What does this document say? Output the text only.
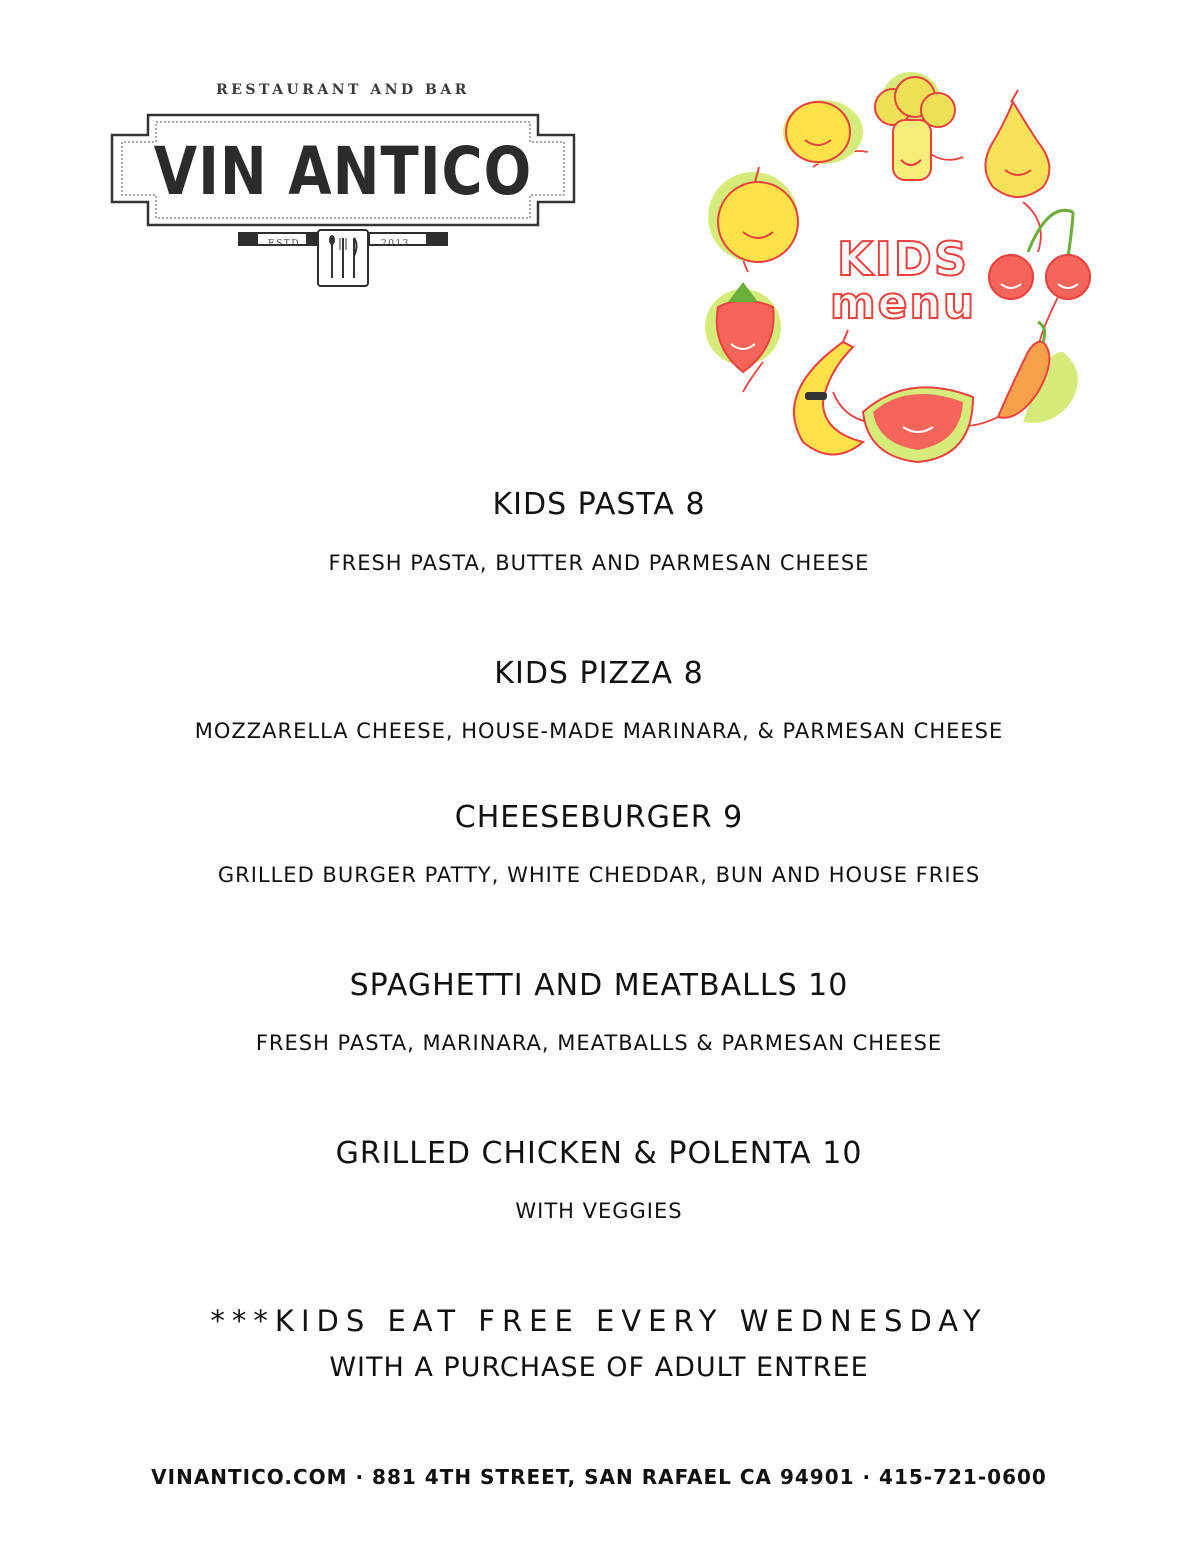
RESTAURANT AND BAR
VIN ANTICO
ESTD	2013	KIDS
menu
KIDS PASTA 8
FRESH PASTA, BUTTER AND PARMESAN CHEESE
KIDS PIZZA 8
MOZZARELLA CHEESE, HOUSE-MADE MARINARA, & PARMESAN CHEESE
CHEESEBURGER 9
GRILLED BURGER PATTY, WHITE CHEDDAR, BUN AND HOUSE FRIES
SPAGHETTI AND MEATBALLS 10
FRESH PASTA, MARINARA, MEATBALLS & PARMESAN CHEESE
GRILLED CHICKEN & POLENTA 10
WITH VEGGIES
***KIDS EAT FREE EVERY WEDNESDAY
WITH A PURCHASE OF ADULT ENTREE
VINANTICO.COM · 881 4TH STREET, SAN RAFAEL CA 94901 · 415-721-0600
